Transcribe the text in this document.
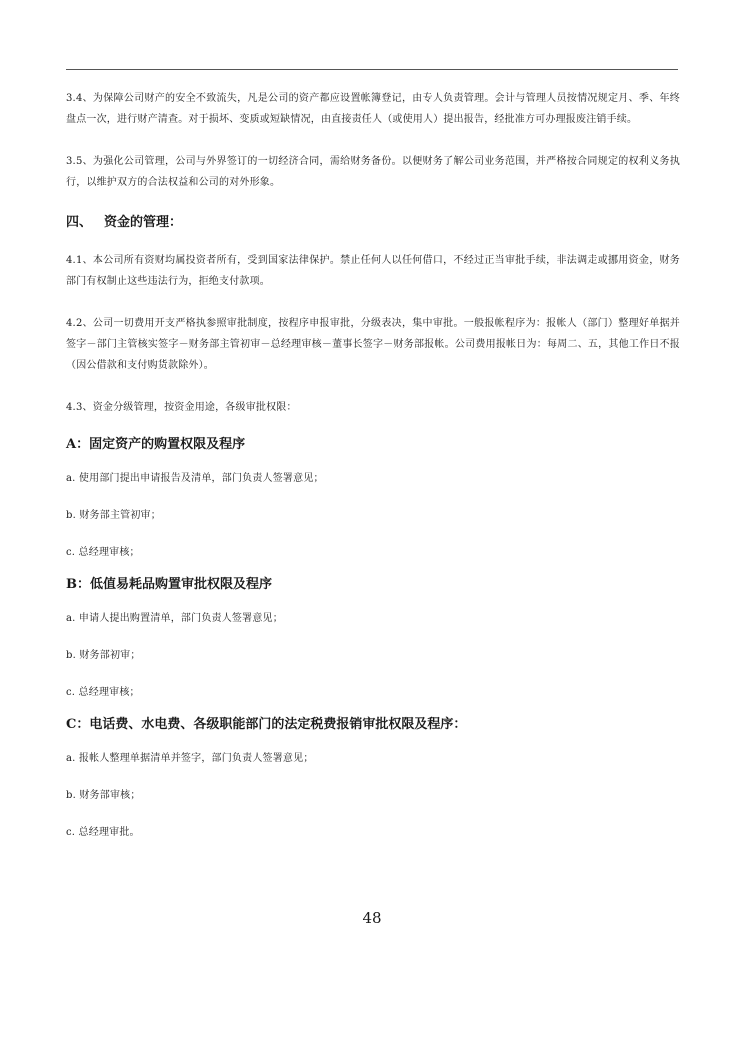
3.4、为保障公司财产的安全不致流失，凡是公司的资产都应设置帐簿登记，由专人负责管理。会计与管理人员按情况规定月、季、年终盘点一次，进行财产清查。对于损坏、变质或短缺情况，由直接责任人（或使用人）提出报告，经批准方可办理报废注销手续。

3.5、为强化公司管理，公司与外界签订的一切经济合同，需给财务备份。以便财务了解公司业务范围，并严格按合同规定的权利义务执行，以维护双方的合法权益和公司的对外形象。

四、 资金的管理：

4.1、本公司所有资财均属投资者所有，受到国家法律保护。禁止任何人以任何借口，不经过正当审批手续，非法调走或挪用资金，财务部门有权制止这些违法行为，拒绝支付款项。

4.2、公司一切费用开支严格执参照审批制度，按程序申报审批，分级表决，集中审批。一般报帐程序为：报帐人（部门）整理好单据并签字－部门主管核实签字－财务部主管初审－总经理审核－董事长签字－财务部报帐。公司费用报帐日为：每周二、五，其他工作日不报（因公借款和支付购货款除外）。

4.3、资金分级管理，按资金用途，各级审批权限：

A：固定资产的购置权限及程序

a. 使用部门提出申请报告及清单，部门负责人签署意见；

b. 财务部主管初审；

c. 总经理审核；

B：低值易耗品购置审批权限及程序

a. 申请人提出购置清单，部门负责人签署意见；

b. 财务部初审；

c. 总经理审核；

C：电话费、水电费、各级职能部门的法定税费报销审批权限及程序：

a. 报帐人整理单据清单并签字，部门负责人签署意见；

b. 财务部审核；

c. 总经理审批。

48
